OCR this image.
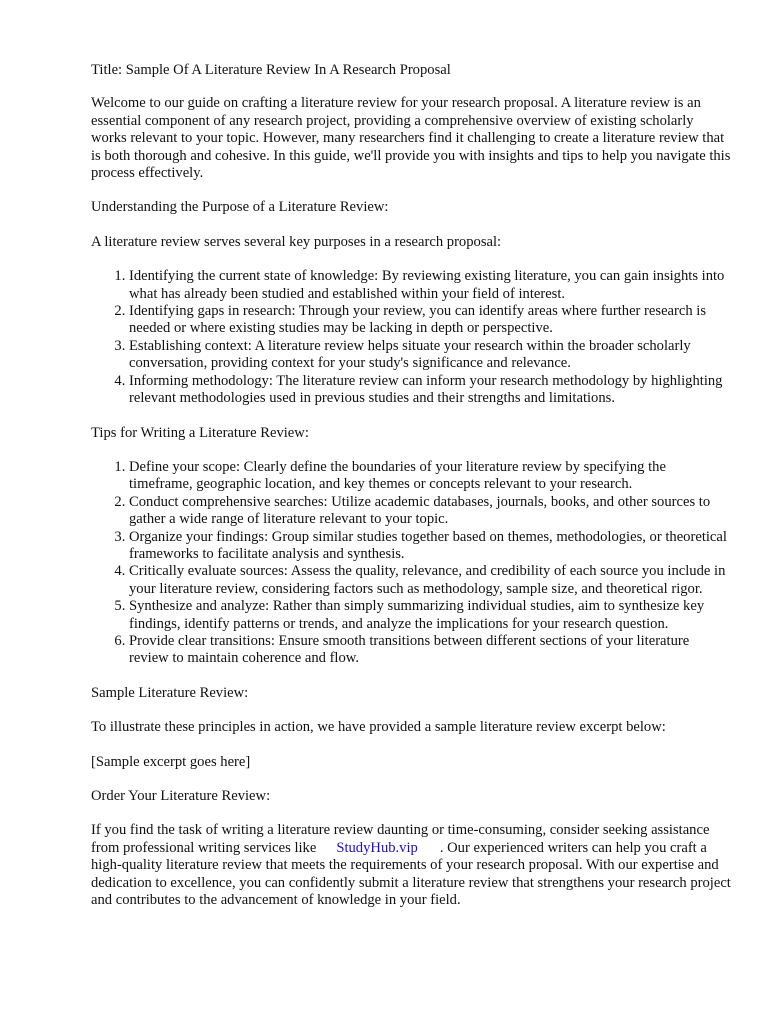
Title: Sample Of A Literature Review In A Research Proposal

Welcome to our guide on crafting a literature review for your research proposal. A literature review is an essential component of any research project, providing a comprehensive overview of existing scholarly works relevant to your topic. However, many researchers find it challenging to create a literature review that is both thorough and cohesive. In this guide, we'll provide you with insights and tips to help you navigate this process effectively.

Understanding the Purpose of a Literature Review:

A literature review serves several key purposes in a research proposal:

1. Identifying the current state of knowledge: By reviewing existing literature, you can gain insights into what has already been studied and established within your field of interest.
2. Identifying gaps in research: Through your review, you can identify areas where further research is needed or where existing studies may be lacking in depth or perspective.
3. Establishing context: A literature review helps situate your research within the broader scholarly conversation, providing context for your study's significance and relevance.
4. Informing methodology: The literature review can inform your research methodology by highlighting relevant methodologies used in previous studies and their strengths and limitations.

Tips for Writing a Literature Review:

1. Define your scope: Clearly define the boundaries of your literature review by specifying the timeframe, geographic location, and key themes or concepts relevant to your research.
2. Conduct comprehensive searches: Utilize academic databases, journals, books, and other sources to gather a wide range of literature relevant to your topic.
3. Organize your findings: Group similar studies together based on themes, methodologies, or theoretical frameworks to facilitate analysis and synthesis.
4. Critically evaluate sources: Assess the quality, relevance, and credibility of each source you include in your literature review, considering factors such as methodology, sample size, and theoretical rigor.
5. Synthesize and analyze: Rather than simply summarizing individual studies, aim to synthesize key findings, identify patterns or trends, and analyze the implications for your research question.
6. Provide clear transitions: Ensure smooth transitions between different sections of your literature review to maintain coherence and flow.

Sample Literature Review:

To illustrate these principles in action, we have provided a sample literature review excerpt below:

[Sample excerpt goes here]

Order Your Literature Review:

If you find the task of writing a literature review daunting or time-consuming, consider seeking assistance from professional writing services like StudyHub.vip . Our experienced writers can help you craft a high-quality literature review that meets the requirements of your research proposal. With our expertise and dedication to excellence, you can confidently submit a literature review that strengthens your research project and contributes to the advancement of knowledge in your field.
